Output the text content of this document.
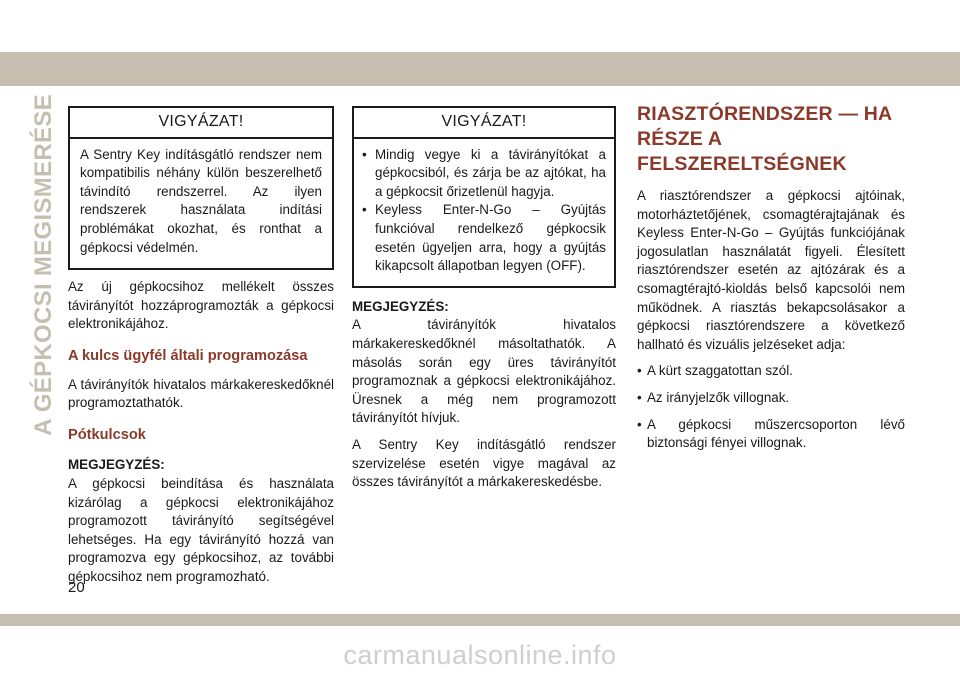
A GÉPKOCSI MEGISMERÉSE	VIGYÁZAT!
A Sentry Key indításgátló rendszer nem kompatibilis néhány külön beszerelhető távindító rendszerrel. Az ilyen rendszerek használata indítási problémákat okozhat, és ronthat a gépkocsi védelmén.

Az új gépkocsihoz mellékelt összes távirányítót hozzáprogramozták a gépkocsi elektronikájához.

A kulcs ügyfél általi programozása

A távirányítók hivatalos márkakereskedőknél programoztathatók.

Pótkulcsok
MEGJEGYZÉS:

A gépkocsi beindítása és használata kizárólag a gépkocsi elektronikájához programozott távirányító segítségével lehetséges. Ha egy távirányító hozzá van programozva egy gépkocsihoz, az további gépkocsihoz nem programozható.

VIGYÁZAT!
• Mindig vegye ki a távirányítókat a gépkocsiból, és zárja be az ajtókat, ha a gépkocsit őrizetlenül hagyja.
• Keyless Enter-N-Go – Gyújtás funkcióval rendelkező gépkocsik esetén ügyeljen arra, hogy a gyújtás kikapcsolt állapotban legyen (OFF).
MEGJEGYZÉS:

A távirányítók hivatalos márkakereskedőknél másoltathatók. A másolás során egy üres távirányítót programoznak a gépkocsi elektronikájához. Üresnek a még nem programozott távirányítót hívjuk.

A Sentry Key indításgátló rendszer szervizelése esetén vigye magával az összes távirányítót a márkakereskedésbe.

RIASZTÓRENDSZER — HA RÉSZE A FELSZERELTSÉGNEK

A riasztórendszer a gépkocsi ajtóinak, motorháztetőjének, csomagtérajtajának és Keyless Enter-N-Go – Gyújtás funkciójának jogosulatlan használatát figyeli. Élesített riasztórendszer esetén az ajtózárak és a csomagtérajtó-kioldás belső kapcsolói nem működnek. A riasztás bekapcsolásakor a gépkocsi riasztórendszere a következő hallható és vizuális jelzéseket adja:

• A kürt szaggatottan szól.
• Az irányjelzők villognak.
• A gépkocsi műszercsoporton lévő biztonsági fényei villognak.
20
carmanualsonline.info
